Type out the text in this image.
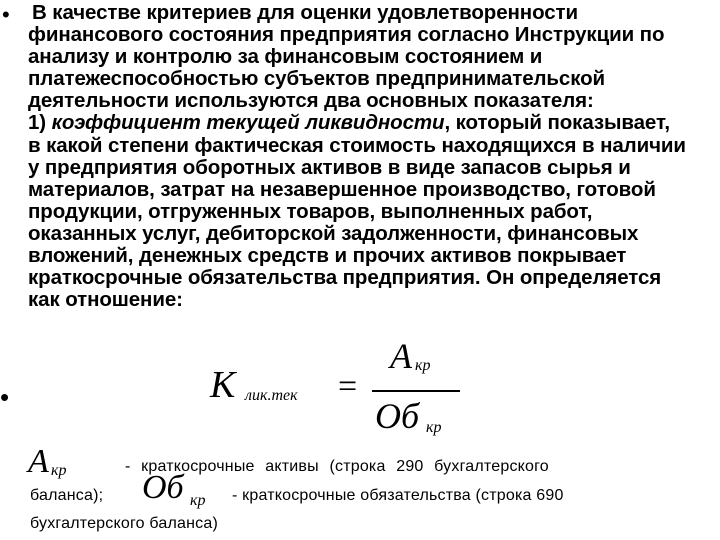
•
•
В качестве критериев для оценки удовлетворенности
финансового состояния предприятия согласно Инструкции по
анализу и контролю за финансовым состоянием и
платежеспособностью субъектов предпринимательской
деятельности используются два основных показателя:
1) коэффициент текущей ликвидности, который показывает,
в какой степени фактическая стоимость находящихся в наличии
у предприятия оборотных активов в виде запасов сырья и
материалов, затрат на незавершенное производство, готовой
продукции, отгруженных товаров, выполненных работ,
оказанных услуг, дебиторской задолженности, финансовых
вложений, денежных средств и прочих активов покрывает
краткосрочные обязательства предприятия. Он определяется
как отношение:
K лик.тек =
A кр
Об кр
A кр	- краткосрочные активы (строка 290 бухгалтерского
баланса); Об кр - краткосрочные обязательства (строка 690
бухгалтерского баланса)
